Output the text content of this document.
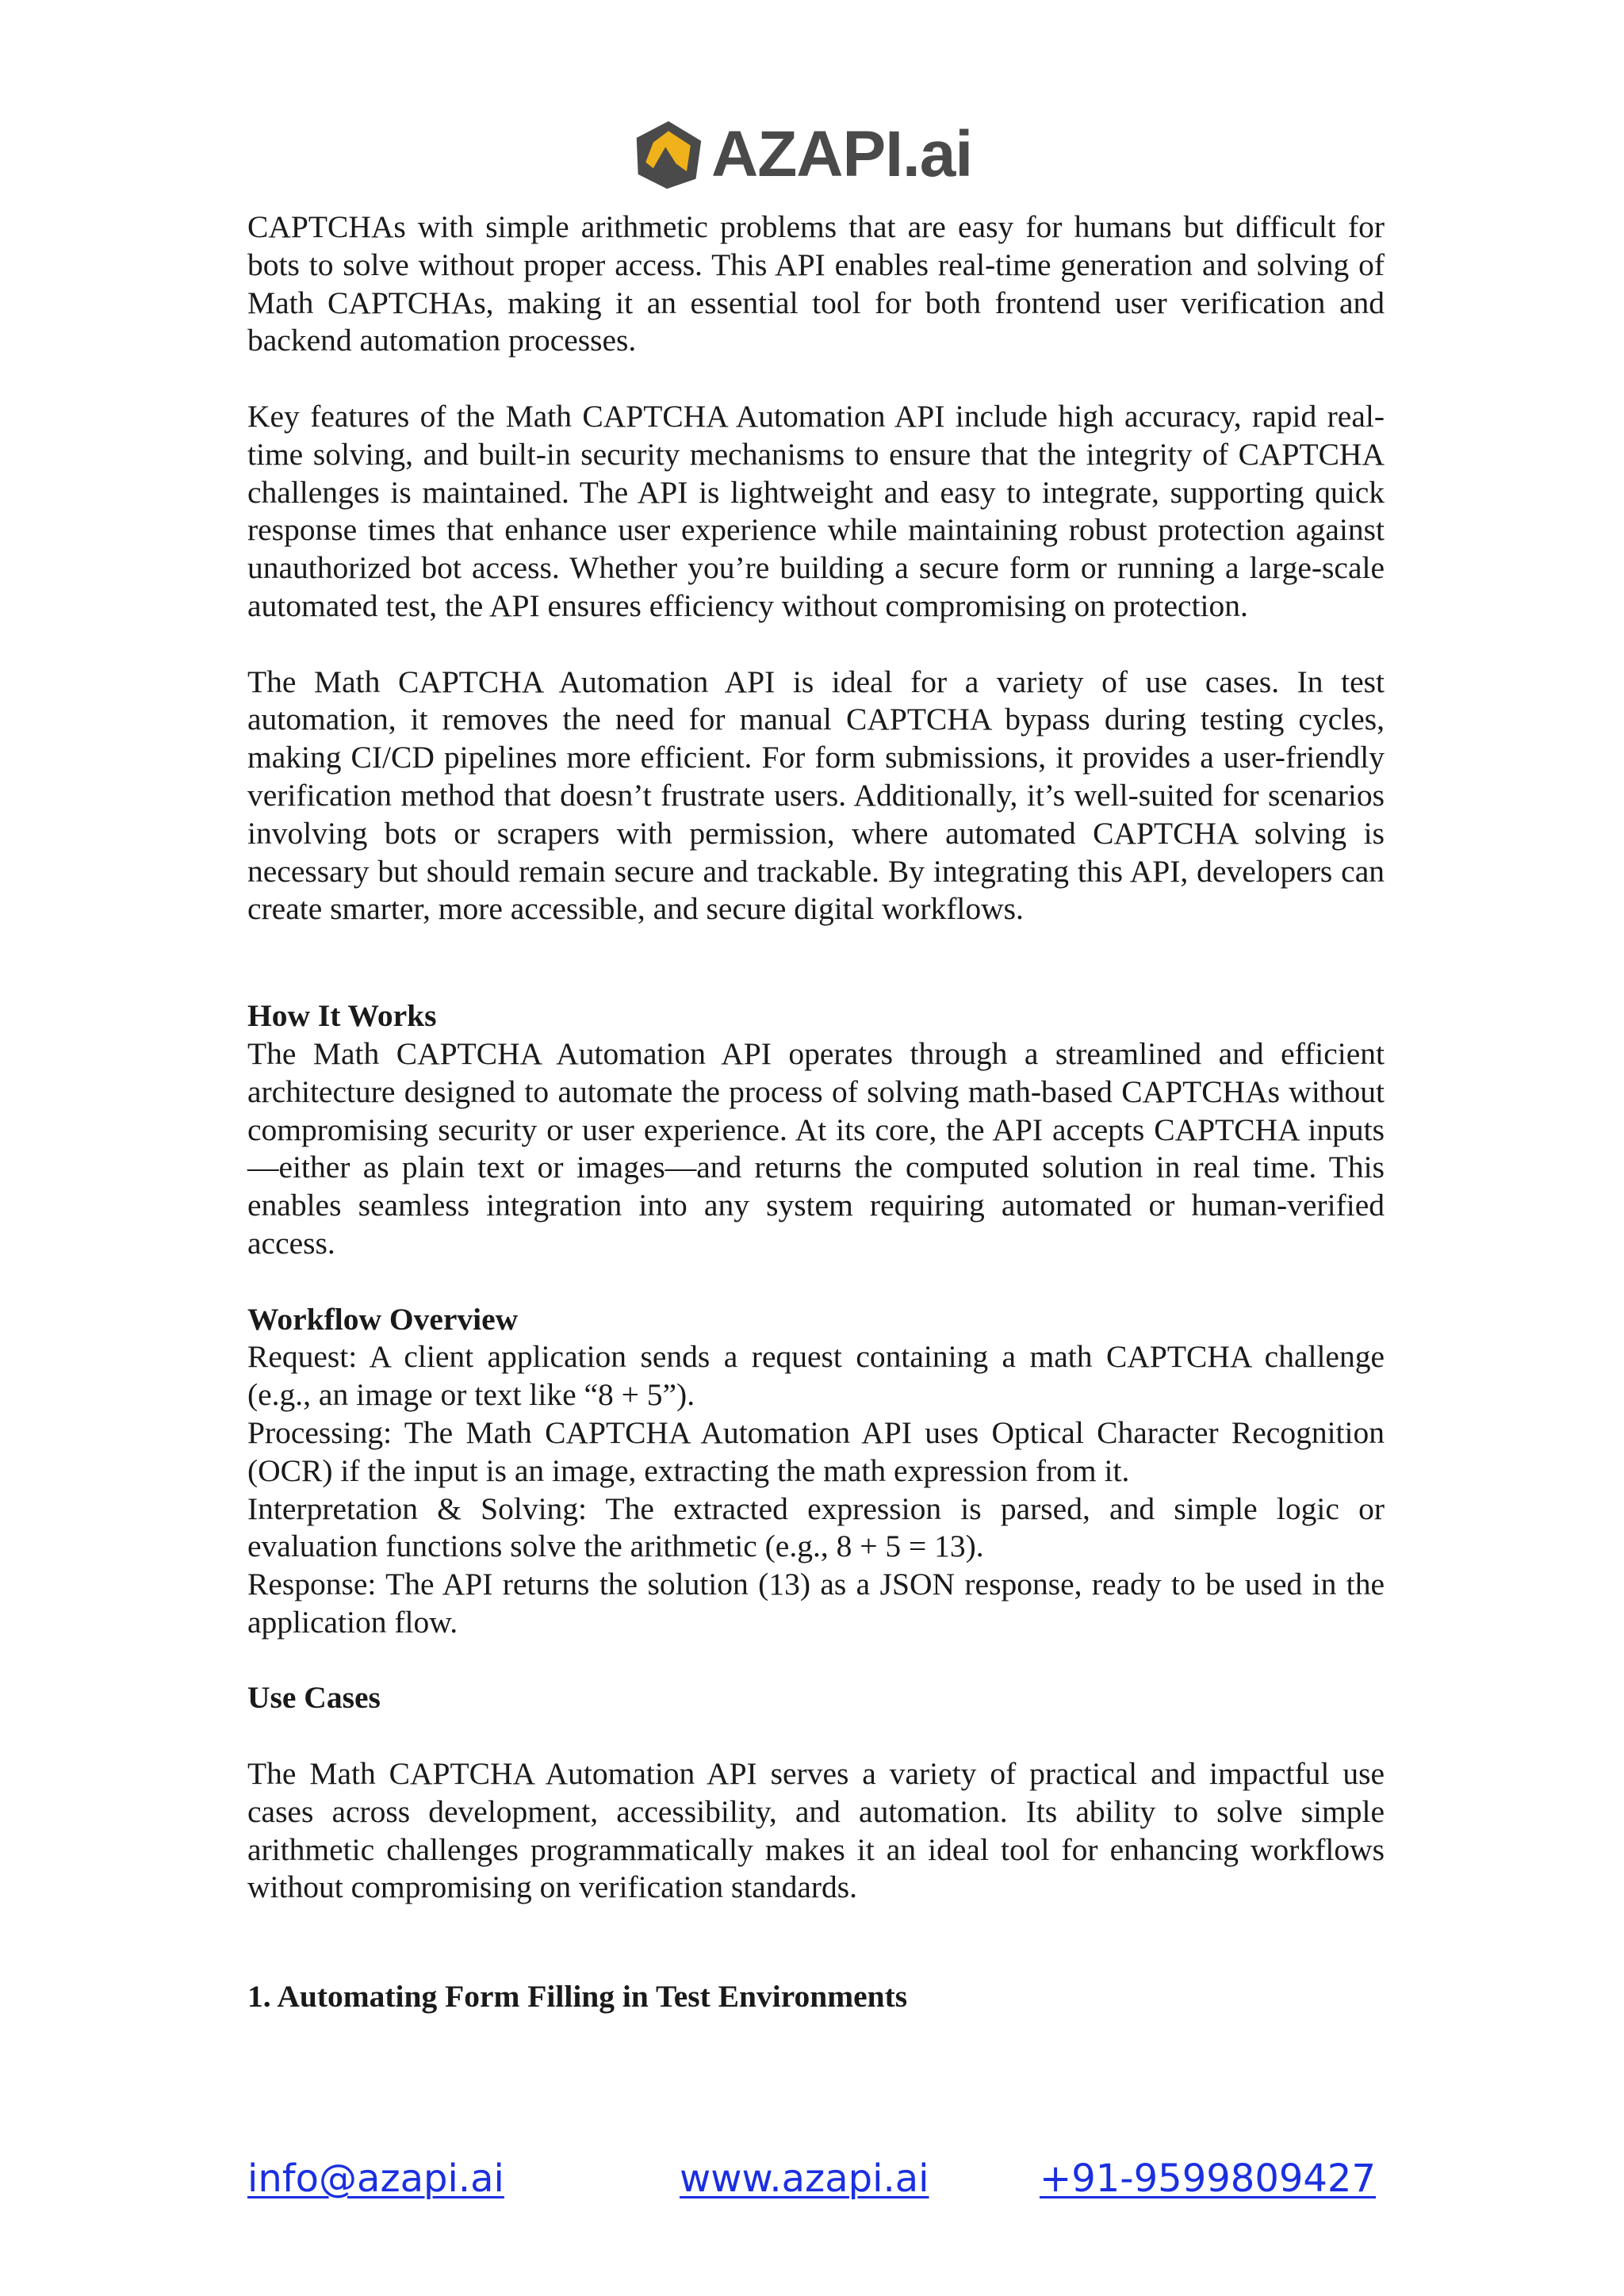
AZAPI.ai

CAPTCHAs with simple arithmetic problems that are easy for humans but difficult for bots to solve without proper access. This API enables real-time generation and solving of Math CAPTCHAs, making it an essential tool for both frontend user verification and backend automation processes.

Key features of the Math CAPTCHA Automation API include high accuracy, rapid real-time solving, and built-in security mechanisms to ensure that the integrity of CAPTCHA challenges is maintained. The API is lightweight and easy to integrate, supporting quick response times that enhance user experience while maintaining robust protection against unauthorized bot access. Whether you’re building a secure form or running a large-scale automated test, the API ensures efficiency without compromising on protection.

The Math CAPTCHA Automation API is ideal for a variety of use cases. In test automation, it removes the need for manual CAPTCHA bypass during testing cycles, making CI/CD pipelines more efficient. For form submissions, it provides a user-friendly verification method that doesn’t frustrate users. Additionally, it’s well-suited for scenarios involving bots or scrapers with permission, where automated CAPTCHA solving is necessary but should remain secure and trackable. By integrating this API, developers can create smarter, more accessible, and secure digital workflows.

How It Works

The Math CAPTCHA Automation API operates through a streamlined and efficient architecture designed to automate the process of solving math-based CAPTCHAs without compromising security or user experience. At its core, the API accepts CAPTCHA inputs—either as plain text or images—and returns the computed solution in real time. This enables seamless integration into any system requiring automated or human-verified access.

Workflow Overview

Request: A client application sends a request containing a math CAPTCHA challenge (e.g., an image or text like “8 + 5”).

Processing: The Math CAPTCHA Automation API uses Optical Character Recognition (OCR) if the input is an image, extracting the math expression from it.

Interpretation & Solving: The extracted expression is parsed, and simple logic or evaluation functions solve the arithmetic (e.g., 8 + 5 = 13).

Response: The API returns the solution (13) as a JSON response, ready to be used in the application flow.

Use Cases

The Math CAPTCHA Automation API serves a variety of practical and impactful use cases across development, accessibility, and automation. Its ability to solve simple arithmetic challenges programmatically makes it an ideal tool for enhancing workflows without compromising on verification standards.

1. Automating Form Filling in Test Environments

info@azapi.ai	www.azapi.ai	+91-9599809427
